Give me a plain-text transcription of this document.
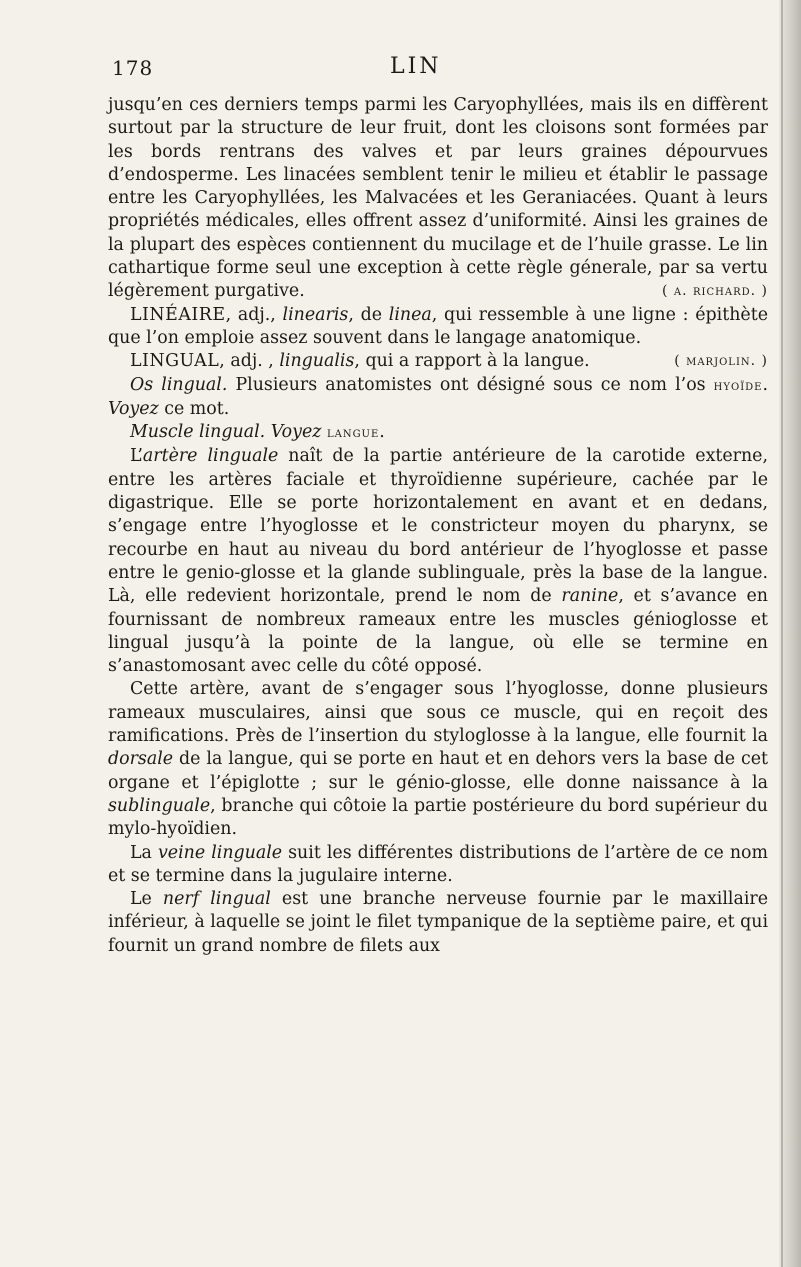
178	LIN

jusqu’en ces derniers temps parmi les Caryophyllées, mais ils en diffèrent surtout par la structure de leur fruit, dont les cloisons sont formées par les bords rentrans des valves et par leurs graines dépourvues d’endosperme. Les linacées semblent tenir le milieu et établir le passage entre les Caryophyllées, les Malvacées et les Geraniacées. Quant à leurs propriétés médicales, elles offrent assez d’uniformité. Ainsi les graines de la plupart des espèces contiennent du mucilage et de l’huile grasse. Le lin cathartique forme seul une exception à cette règle génerale, par sa vertu légèrement purgative.	( a. richard. )

LINÉAIRE, adj., linearis, de linea, qui ressemble à une ligne : épithète que l’on emploie assez souvent dans le langage anatomique.
( marjolin. )

LINGUAL, adj. , lingualis, qui a rapport à la langue.

Os lingual. Plusieurs anatomistes ont désigné sous ce nom l’os hyoïde. Voyez ce mot.

Muscle lingual. Voyez langue.

L’artère linguale naît de la partie antérieure de la carotide externe, entre les artères faciale et thyroïdienne supérieure, cachée par le digastrique. Elle se porte horizontalement en avant et en dedans, s’engage entre l’hyoglosse et le constricteur moyen du pharynx, se recourbe en haut au niveau du bord antérieur de l’hyoglosse et passe entre le genio-glosse et la glande sublinguale, près la base de la langue. Là, elle redevient horizontale, prend le nom de ranine, et s’avance en fournissant de nombreux rameaux entre les muscles génioglosse et lingual jusqu’à la pointe de la langue, où elle se termine en s’anastomosant avec celle du côté opposé.

Cette artère, avant de s’engager sous l’hyoglosse, donne plusieurs rameaux musculaires, ainsi que sous ce muscle, qui en reçoit des ramifications. Près de l’insertion du styloglosse à la langue, elle fournit la dorsale de la langue, qui se porte en haut et en dehors vers la base de cet organe et l’épiglotte ; sur le génio-glosse, elle donne naissance à la sublinguale, branche qui côtoie la partie postérieure du bord supérieur du mylo-hyoïdien.

La veine linguale suit les différentes distributions de l’artère de ce nom et se termine dans la jugulaire interne.

Le nerf lingual est une branche nerveuse fournie par le maxillaire inférieur, à laquelle se joint le filet tympanique de la septième paire, et qui fournit un grand nombre de filets aux
